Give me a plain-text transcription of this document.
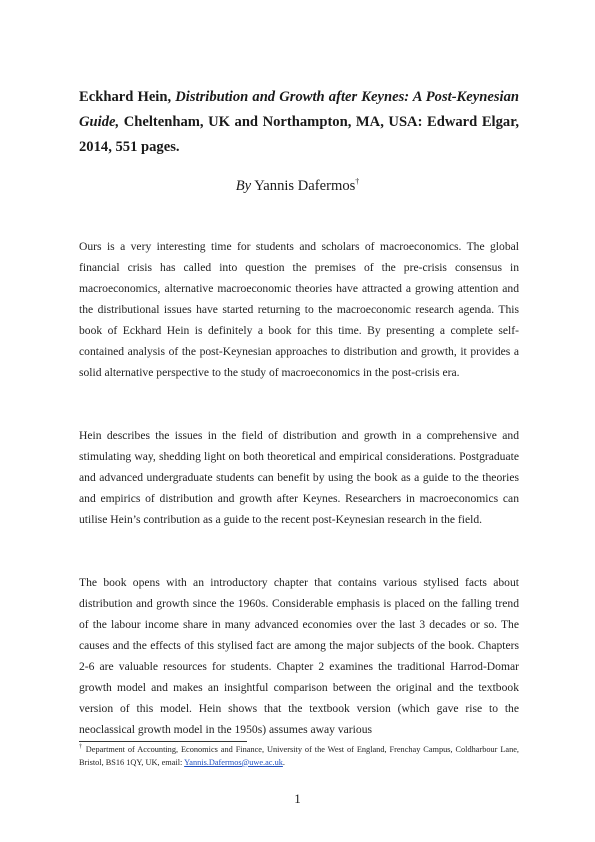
Eckhard Hein, Distribution and Growth after Keynes: A Post-Keynesian Guide, Cheltenham, UK and Northampton, MA, USA: Edward Elgar, 2014, 551 pages.
By Yannis Dafermos†

Ours is a very interesting time for students and scholars of macroeconomics. The global financial crisis has called into question the premises of the pre-crisis consensus in macroeconomics, alternative macroeconomic theories have attracted a growing attention and the distributional issues have started returning to the macroeconomic research agenda. This book of Eckhard Hein is definitely a book for this time. By presenting a complete self-contained analysis of the post-Keynesian approaches to distribution and growth, it provides a solid alternative perspective to the study of macroeconomics in the post-crisis era.

Hein describes the issues in the field of distribution and growth in a comprehensive and stimulating way, shedding light on both theoretical and empirical considerations. Postgraduate and advanced undergraduate students can benefit by using the book as a guide to the theories and empirics of distribution and growth after Keynes. Researchers in macroeconomics can utilise Hein’s contribution as a guide to the recent post-Keynesian research in the field.

The book opens with an introductory chapter that contains various stylised facts about distribution and growth since the 1960s. Considerable emphasis is placed on the falling trend of the labour income share in many advanced economies over the last 3 decades or so. The causes and the effects of this stylised fact are among the major subjects of the book. Chapters 2-6 are valuable resources for students. Chapter 2 examines the traditional Harrod-Domar growth model and makes an insightful comparison between the original and the textbook version of this model. Hein shows that the textbook version (which gave rise to the neoclassical growth model in the 1950s) assumes away various

† Department of Accounting, Economics and Finance, University of the West of England, Frenchay Campus, Coldharbour Lane, Bristol, BS16 1QY, UK, email: Yannis.Dafermos@uwe.ac.uk.
1
